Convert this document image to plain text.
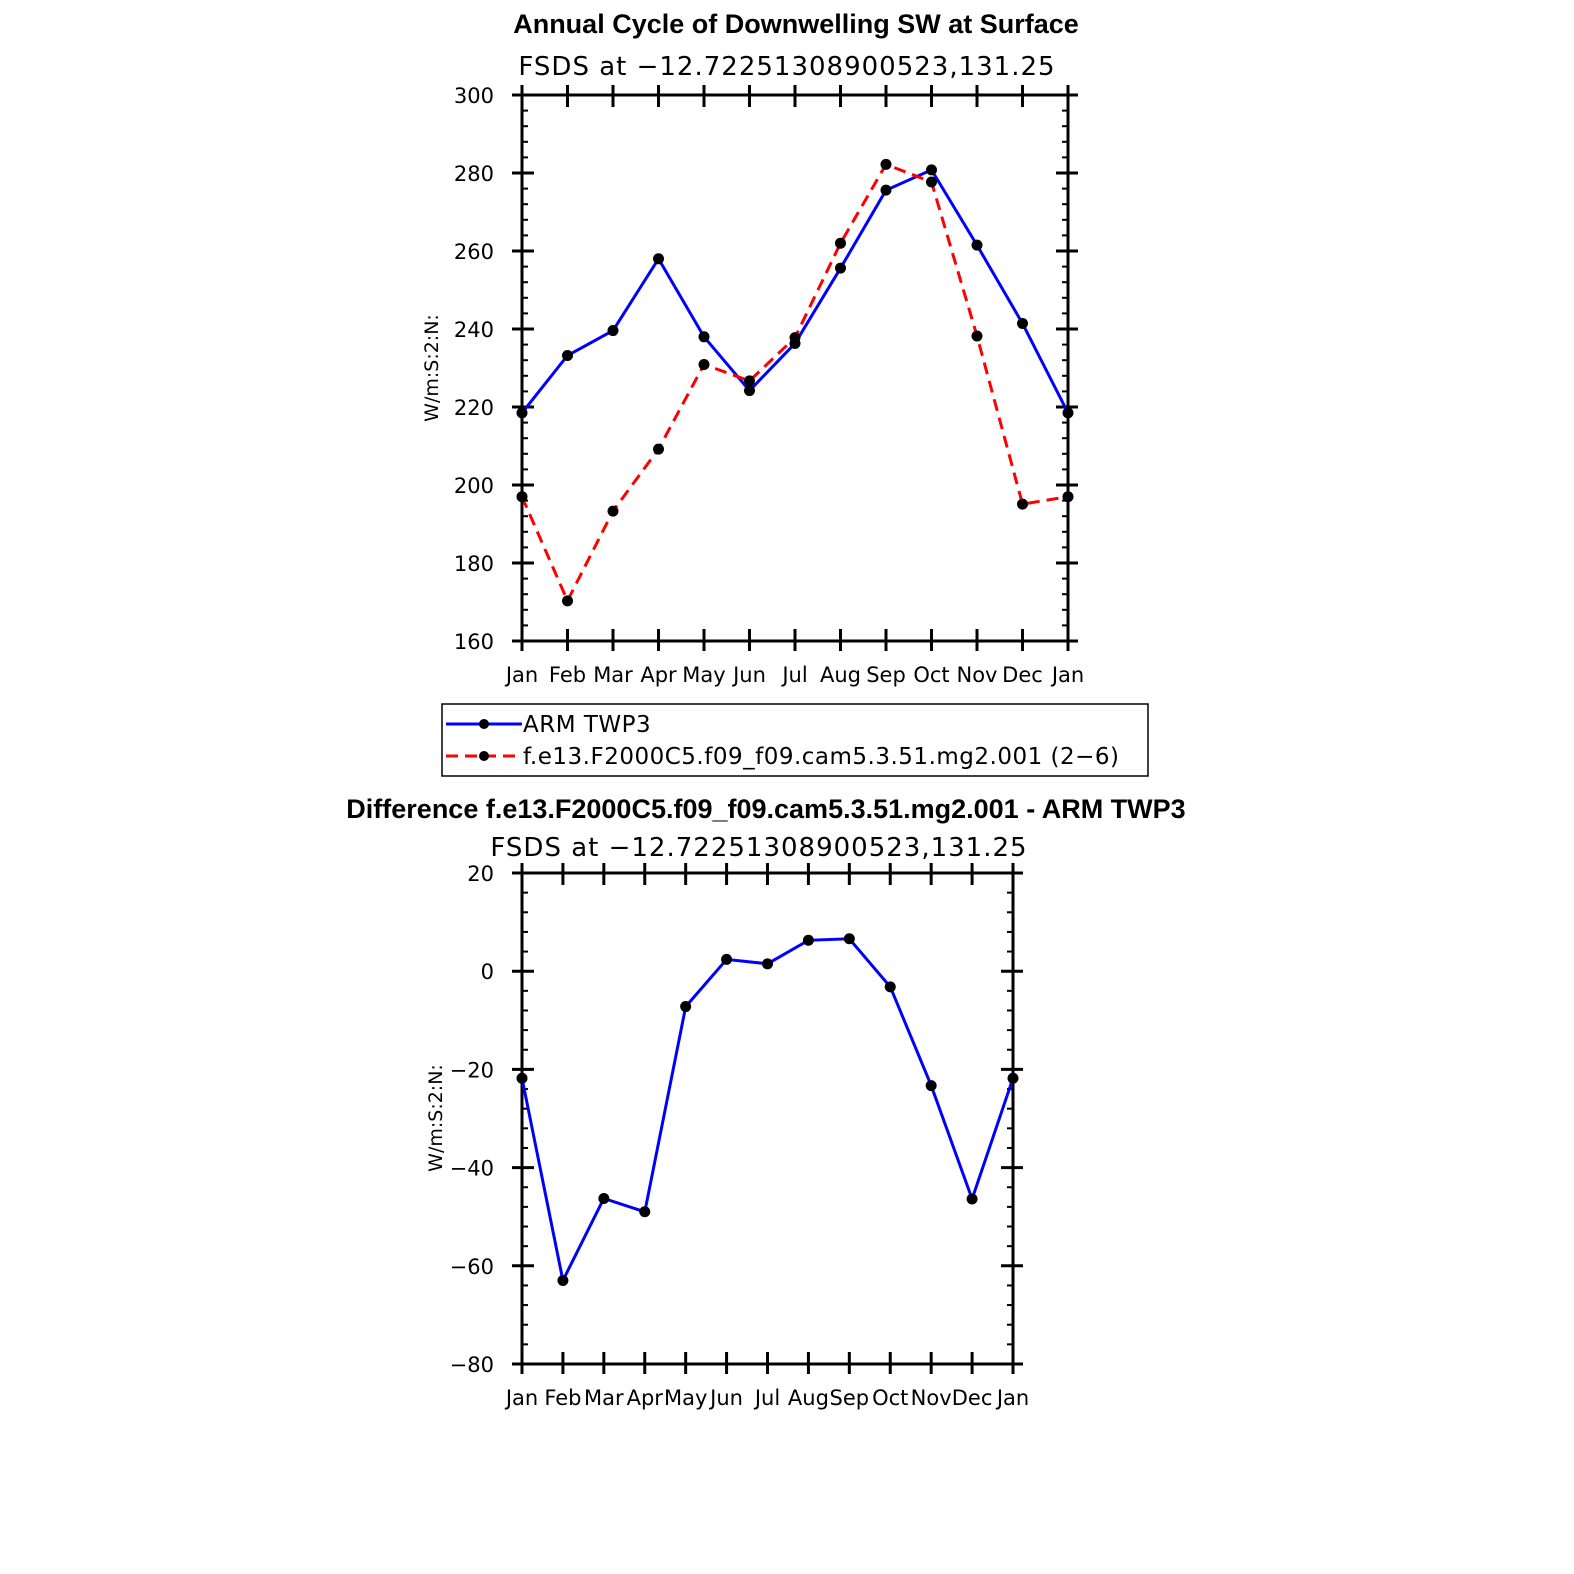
Annual Cycle of Downwelling SW at Surface
FSDS at −12.72251308900523,131.25
W/m:S:2:N:
Jan Feb Mar Apr May Jun Jul Aug Sep Oct Nov Dec Jan
160
180
200
220
240
260
280
300
ARM TWP3
f.e13.F2000C5.f09_f09.cam5.3.51.mg2.001 (2−6)
Difference f.e13.F2000C5.f09_f09.cam5.3.51.mg2.001 - ARM TWP3
FSDS at −12.72251308900523,131.25
W/m:S:2:N:
Jan Feb Mar Apr May Jun Jul Aug Sep Oct Nov Dec Jan
−80
−60
−40
−20
0
20
